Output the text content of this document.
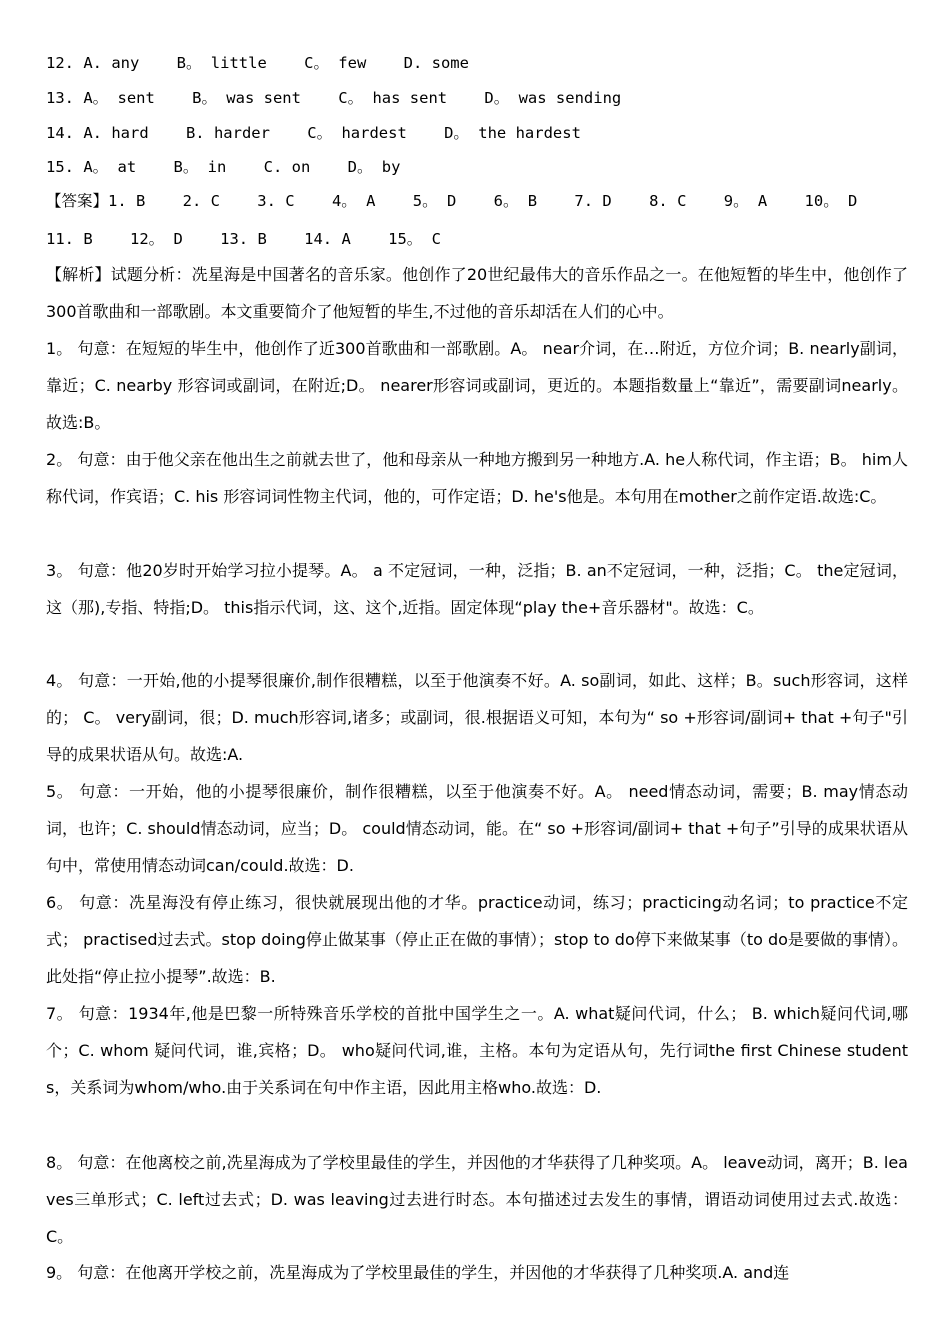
12. A. any    B。 little    C。 few    D. some
13. A。 sent    B。 was sent    C。 has sent    D。 was sending
14. A. hard    B. harder    C。 hardest    D。 the hardest
15. A。 at    B。 in    C. on    D。 by
【答案】1. B    2. C    3. C    4。 A    5。 D    6。 B    7. D    8. C    9。 A    10。 D
11. B    12。 D    13. B    14. A    15。 C
【解析】试题分析：冼星海是中国著名的音乐家。他创作了20世纪最伟大的音乐作品之一。在他短暂的毕生中，他创作了300首歌曲和一部歌剧。本文重要简介了他短暂的毕生,不过他的音乐却活在人们的心中。
1。 句意：在短短的毕生中，他创作了近300首歌曲和一部歌剧。A。 near介词，在…附近，方位介词；B. nearly副词，靠近；C. nearby 形容词或副词，在附近;D。 nearer形容词或副词，更近的。本题指数量上“靠近”，需要副词nearly。故选:B。
2。 句意：由于他父亲在他出生之前就去世了，他和母亲从一种地方搬到另一种地方.A. he人称代词，作主语；B。 him人称代词，作宾语；C. his 形容词词性物主代词，他的，可作定语；D. he's他是。本句用在mother之前作定语.故选:C。
3。 句意：他20岁时开始学习拉小提琴。A。 a 不定冠词，一种，泛指；B. an不定冠词，一种，泛指；C。 the定冠词，这（那),专指、特指;D。 this指示代词，这、这个,近指。固定体现“play the+音乐器材"。故选：C。
4。 句意：一开始,他的小提琴很廉价,制作很糟糕，以至于他演奏不好。A. so副词，如此、这样；B。such形容词，这样的； C。 very副词，很；D. much形容词,诸多；或副词，很.根据语义可知，本句为“ so +形容词/副词+ that +句子"引导的成果状语从句。故选:A.
5。 句意：一开始，他的小提琴很廉价，制作很糟糕，以至于他演奏不好。A。 need情态动词，需要；B. may情态动词，也许；C. should情态动词，应当；D。 could情态动词，能。在“ so +形容词/副词+ that +句子”引导的成果状语从句中，常使用情态动词can/could.故选：D.
6。 句意：冼星海没有停止练习，很快就展现出他的才华。practice动词，练习；practicing动名词；to practice不定式； practised过去式。stop doing停止做某事（停止正在做的事情）；stop to do停下来做某事（to do是要做的事情）。此处指“停止拉小提琴”.故选：B.
7。 句意：1934年,他是巴黎一所特殊音乐学校的首批中国学生之一。A. what疑问代词，什么； B. which疑问代词,哪个；C. whom 疑问代词，谁,宾格；D。 who疑问代词,谁，主格。本句为定语从句，先行词the first Chinese students，关系词为whom/who.由于关系词在句中作主语，因此用主格who.故选：D.
8。 句意：在他离校之前,冼星海成为了学校里最佳的学生，并因他的才华获得了几种奖项。A。 leave动词，离开；B. leaves三单形式；C. left过去式；D. was leaving过去进行时态。本句描述过去发生的事情，谓语动词使用过去式.故选：C。
9。 句意：在他离开学校之前，冼星海成为了学校里最佳的学生，并因他的才华获得了几种奖项.A. and连
